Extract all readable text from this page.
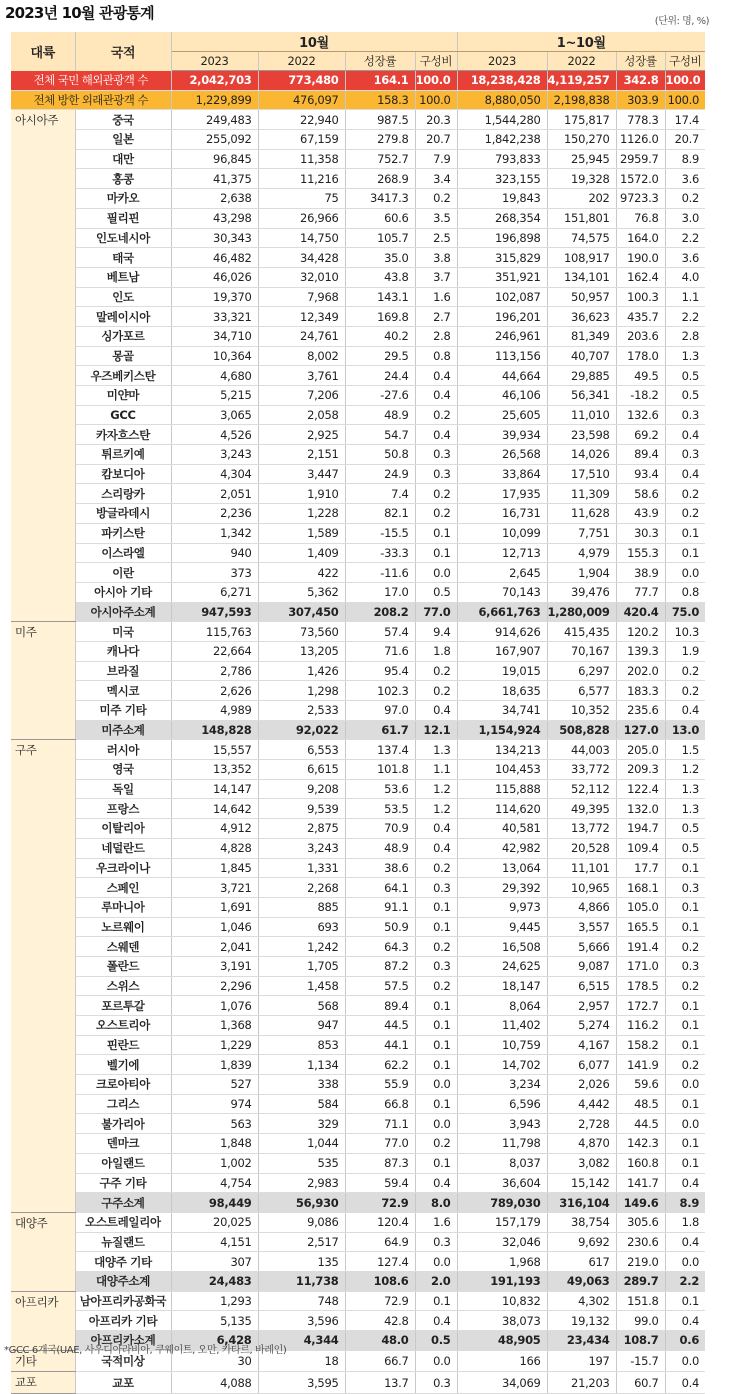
2023년 10월 관광통계	(단위: 명, %)
대륙	국적	10월				1~10월			
		2023	2022	성장률	구성비	2023	2022	성장률	구성비
전체 국민 해외관광객 수		2,042,703	773,480	164.1	100.0	18,238,428	4,119,257	342.8	100.0
전체 방한 외래관광객 수		1,229,899	476,097	158.3	100.0	8,880,050	2,198,838	303.9	100.0
아시아주	중국	249,483	22,940	987.5	20.3	1,544,280	175,817	778.3	17.4
	일본	255,092	67,159	279.8	20.7	1,842,238	150,270	1126.0	20.7
	대만	96,845	11,358	752.7	7.9	793,833	25,945	2959.7	8.9
	홍콩	41,375	11,216	268.9	3.4	323,155	19,328	1572.0	3.6
	마카오	2,638	75	3417.3	0.2	19,843	202	9723.3	0.2
	필리핀	43,298	26,966	60.6	3.5	268,354	151,801	76.8	3.0
	인도네시아	30,343	14,750	105.7	2.5	196,898	74,575	164.0	2.2
	태국	46,482	34,428	35.0	3.8	315,829	108,917	190.0	3.6
	베트남	46,026	32,010	43.8	3.7	351,921	134,101	162.4	4.0
	인도	19,370	7,968	143.1	1.6	102,087	50,957	100.3	1.1
	말레이시아	33,321	12,349	169.8	2.7	196,201	36,623	435.7	2.2
	싱가포르	34,710	24,761	40.2	2.8	246,961	81,349	203.6	2.8
	몽골	10,364	8,002	29.5	0.8	113,156	40,707	178.0	1.3
	우즈베키스탄	4,680	3,761	24.4	0.4	44,664	29,885	49.5	0.5
	미얀마	5,215	7,206	-27.6	0.4	46,106	56,341	-18.2	0.5
	GCC	3,065	2,058	48.9	0.2	25,605	11,010	132.6	0.3
	카자흐스탄	4,526	2,925	54.7	0.4	39,934	23,598	69.2	0.4
	튀르키예	3,243	2,151	50.8	0.3	26,568	14,026	89.4	0.3
	캄보디아	4,304	3,447	24.9	0.3	33,864	17,510	93.4	0.4
	스리랑카	2,051	1,910	7.4	0.2	17,935	11,309	58.6	0.2
	방글라데시	2,236	1,228	82.1	0.2	16,731	11,628	43.9	0.2
	파키스탄	1,342	1,589	-15.5	0.1	10,099	7,751	30.3	0.1
	이스라엘	940	1,409	-33.3	0.1	12,713	4,979	155.3	0.1
	이란	373	422	-11.6	0.0	2,645	1,904	38.9	0.0
	아시아 기타	6,271	5,362	17.0	0.5	70,143	39,476	77.7	0.8
	아시아주소계	947,593	307,450	208.2	77.0	6,661,763	1,280,009	420.4	75.0
미주	미국	115,763	73,560	57.4	9.4	914,626	415,435	120.2	10.3
	캐나다	22,664	13,205	71.6	1.8	167,907	70,167	139.3	1.9
	브라질	2,786	1,426	95.4	0.2	19,015	6,297	202.0	0.2
	멕시코	2,626	1,298	102.3	0.2	18,635	6,577	183.3	0.2
	미주 기타	4,989	2,533	97.0	0.4	34,741	10,352	235.6	0.4
	미주소계	148,828	92,022	61.7	12.1	1,154,924	508,828	127.0	13.0
구주	러시아	15,557	6,553	137.4	1.3	134,213	44,003	205.0	1.5
	영국	13,352	6,615	101.8	1.1	104,453	33,772	209.3	1.2
	독일	14,147	9,208	53.6	1.2	115,888	52,112	122.4	1.3
	프랑스	14,642	9,539	53.5	1.2	114,620	49,395	132.0	1.3
	이탈리아	4,912	2,875	70.9	0.4	40,581	13,772	194.7	0.5
	네덜란드	4,828	3,243	48.9	0.4	42,982	20,528	109.4	0.5
	우크라이나	1,845	1,331	38.6	0.2	13,064	11,101	17.7	0.1
	스페인	3,721	2,268	64.1	0.3	29,392	10,965	168.1	0.3
	루마니아	1,691	885	91.1	0.1	9,973	4,866	105.0	0.1
	노르웨이	1,046	693	50.9	0.1	9,445	3,557	165.5	0.1
	스웨덴	2,041	1,242	64.3	0.2	16,508	5,666	191.4	0.2
	폴란드	3,191	1,705	87.2	0.3	24,625	9,087	171.0	0.3
	스위스	2,296	1,458	57.5	0.2	18,147	6,515	178.5	0.2
	포르투갈	1,076	568	89.4	0.1	8,064	2,957	172.7	0.1
	오스트리아	1,368	947	44.5	0.1	11,402	5,274	116.2	0.1
	핀란드	1,229	853	44.1	0.1	10,759	4,167	158.2	0.1
	벨기에	1,839	1,134	62.2	0.1	14,702	6,077	141.9	0.2
	크로아티아	527	338	55.9	0.0	3,234	2,026	59.6	0.0
	그리스	974	584	66.8	0.1	6,596	4,442	48.5	0.1
	불가리아	563	329	71.1	0.0	3,943	2,728	44.5	0.0
	덴마크	1,848	1,044	77.0	0.2	11,798	4,870	142.3	0.1
	아일랜드	1,002	535	87.3	0.1	8,037	3,082	160.8	0.1
	구주 기타	4,754	2,983	59.4	0.4	36,604	15,142	141.7	0.4
	구주소계	98,449	56,930	72.9	8.0	789,030	316,104	149.6	8.9
대양주	오스트레일리아	20,025	9,086	120.4	1.6	157,179	38,754	305.6	1.8
	뉴질랜드	4,151	2,517	64.9	0.3	32,046	9,692	230.6	0.4
	대양주 기타	307	135	127.4	0.0	1,968	617	219.0	0.0
	대양주소계	24,483	11,738	108.6	2.0	191,193	49,063	289.7	2.2
아프리카	남아프리카공화국	1,293	748	72.9	0.1	10,832	4,302	151.8	0.1
	아프리카 기타	5,135	3,596	42.8	0.4	38,073	19,132	99.0	0.4
	아프리카소계	6,428	4,344	48.0	0.5	48,905	23,434	108.7	0.6
기타	국적미상	30	18	66.7	0.0	166	197	-15.7	0.0
교포	교포	4,088	3,595	13.7	0.3	34,069	21,203	60.7	0.4
*GCC 6개국(UAE, 사우디아라비아, 쿠웨이트, 오만, 카타르, 바레인)
